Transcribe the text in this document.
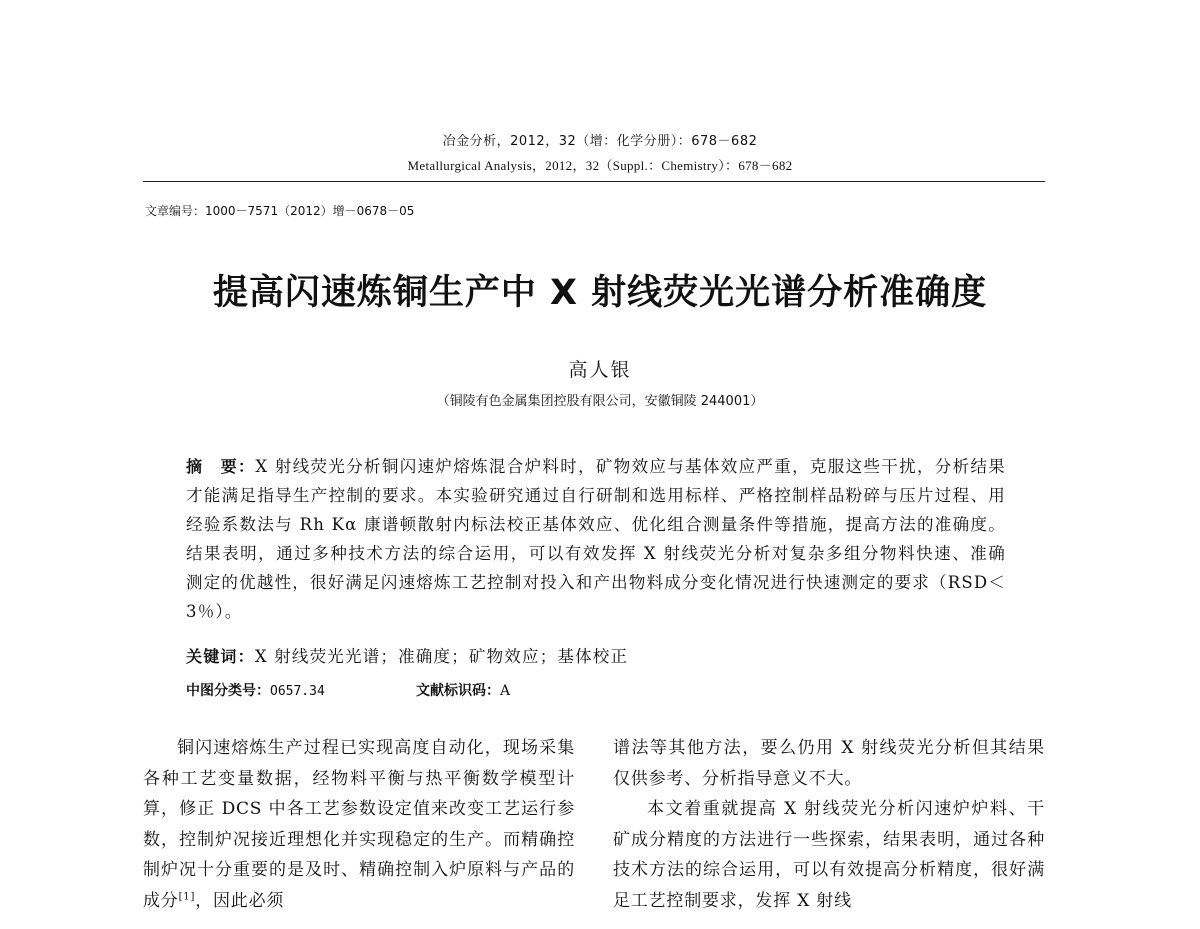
冶金分析，2012，32（增：化学分册）：678－682
Metallurgical Analysis，2012，32（Suppl.：Chemistry）：678－682
文章编号：1000－7571（2012）增－0678－05
提高闪速炼铜生产中 X 射线荧光光谱分析准确度
高人银
（铜陵有色金属集团控股有限公司，安徽铜陵 244001）
摘　要：X 射线荧光分析铜闪速炉熔炼混合炉料时，矿物效应与基体效应严重，克服这些干扰，分析结果才能满足指导生产控制的要求。本实验研究通过自行研制和选用标样、严格控制样品粉碎与压片过程、用经验系数法与 Rh Kα 康谱顿散射内标法校正基体效应、优化组合测量条件等措施，提高方法的准确度。结果表明，通过多种技术方法的综合运用，可以有效发挥 X 射线荧光分析对复杂多组分物料快速、准确测定的优越性，很好满足闪速熔炼工艺控制对投入和产出物料成分变化情况进行快速测定的要求（RSD＜3％）。
关键词：X 射线荧光光谱；准确度；矿物效应；基体校正
中图分类号：O657.34	文献标识码：A

铜闪速熔炼生产过程已实现高度自动化，现场采集各种工艺变量数据，经物料平衡与热平衡数学模型计算，修正 DCS 中各工艺参数设定值来改变工艺运行参数，控制炉况接近理想化并实现稳定的生产。而精确控制炉况十分重要的是及时、精确控制入炉原料与产品的成分[1]，因此必须

谱法等其他方法，要么仍用 X 射线荧光分析但其结果仅供参考、分析指导意义不大。

本文着重就提高 X 射线荧光分析闪速炉炉料、干矿成分精度的方法进行一些探索，结果表明，通过各种技术方法的综合运用，可以有效提高分析精度，很好满足工艺控制要求，发挥 X 射线
